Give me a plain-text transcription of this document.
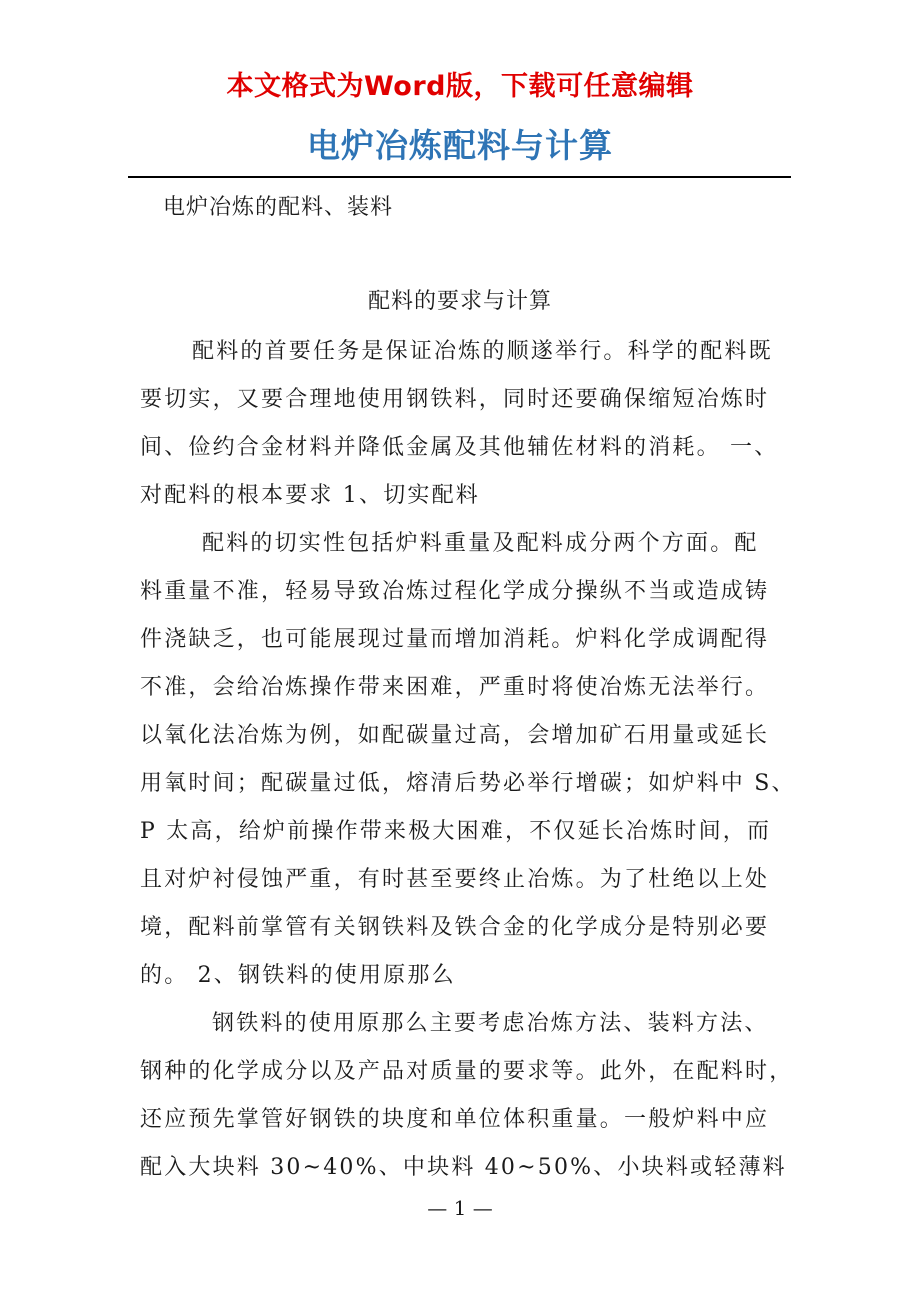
本文格式为Word版，下载可任意编辑
电炉冶炼配料与计算
电炉冶炼的配料、装料
配料的要求与计算
配料的首要任务是保证冶炼的顺遂举行。科学的配料既
要切实，又要合理地使用钢铁料，同时还要确保缩短冶炼时
间、俭约合金材料并降低金属及其他辅佐材料的消耗。 一、
对配料的根本要求 1、切实配料
配料的切实性包括炉料重量及配料成分两个方面。配
料重量不准，轻易导致冶炼过程化学成分操纵不当或造成铸
件浇缺乏，也可能展现过量而增加消耗。炉料化学成调配得
不准，会给冶炼操作带来困难，严重时将使冶炼无法举行。
以氧化法冶炼为例，如配碳量过高，会增加矿石用量或延长
用氧时间；配碳量过低，熔清后势必举行增碳；如炉料中 S、
P 太高，给炉前操作带来极大困难，不仅延长冶炼时间，而
且对炉衬侵蚀严重，有时甚至要终止冶炼。为了杜绝以上处
境，配料前掌管有关钢铁料及铁合金的化学成分是特别必要
的。 2、钢铁料的使用原那么
钢铁料的使用原那么主要考虑冶炼方法、装料方法、
钢种的化学成分以及产品对质量的要求等。此外，在配料时，
还应预先掌管好钢铁的块度和单位体积重量。一般炉料中应
配入大块料 30~40%、中块料 40~50%、小块料或轻薄料
— 1 —
